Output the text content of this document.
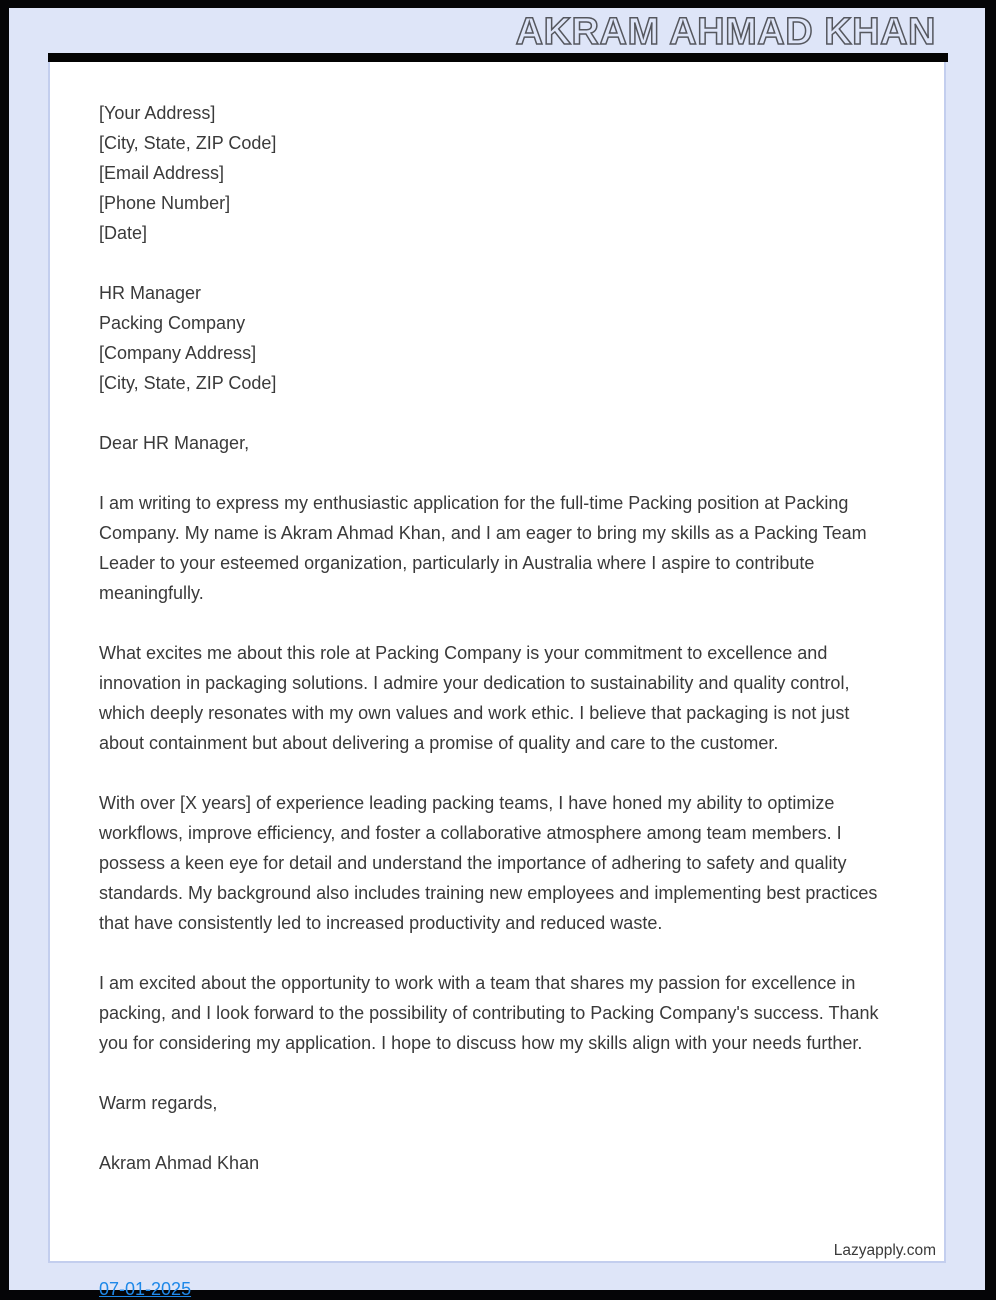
AKRAM AHMAD KHAN
[Your Address]
[City, State, ZIP Code]
[Email Address]
[Phone Number]
[Date]
HR Manager
Packing Company
[Company Address]
[City, State, ZIP Code]
Dear HR Manager,

I am writing to express my enthusiastic application for the full-time Packing position at Packing Company. My name is Akram Ahmad Khan, and I am eager to bring my skills as a Packing Team Leader to your esteemed organization, particularly in Australia where I aspire to contribute meaningfully.

What excites me about this role at Packing Company is your commitment to excellence and innovation in packaging solutions. I admire your dedication to sustainability and quality control, which deeply resonates with my own values and work ethic. I believe that packaging is not just about containment but about delivering a promise of quality and care to the customer.

With over [X years] of experience leading packing teams, I have honed my ability to optimize workflows, improve efficiency, and foster a collaborative atmosphere among team members. I possess a keen eye for detail and understand the importance of adhering to safety and quality standards. My background also includes training new employees and implementing best practices that have consistently led to increased productivity and reduced waste.

I am excited about the opportunity to work with a team that shares my passion for excellence in packing, and I look forward to the possibility of contributing to Packing Company's success. Thank you for considering my application. I hope to discuss how my skills align with your needs further.

Warm regards,
Akram Ahmad Khan
Lazyapply.com
07-01-2025
